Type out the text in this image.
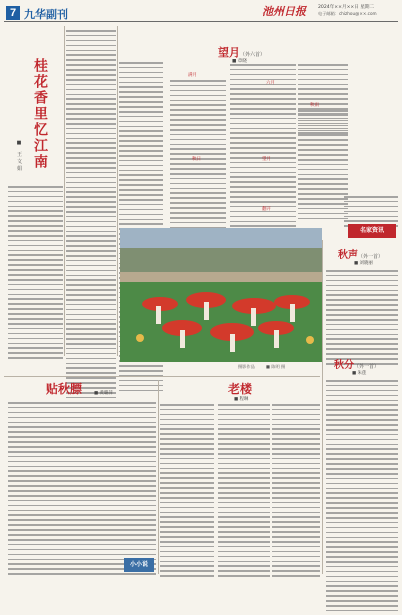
7 九华副刊	池州日报	2024年××月××日 星期二
电子邮箱：chizhou@××.com
桂花香里忆江南
■ 王文娟
望月（外六首）
■ 章晓
满月
望月
秋日
翻开
秋雨
名家资讯
秋声（外一首）
■ 刘晓丽
秋分（外一首）
■ 朱莲
摄影作品	■ 陈明 摄
贴秋膘	■ 黄璐萍
小小说
老楼
■ 程琳
